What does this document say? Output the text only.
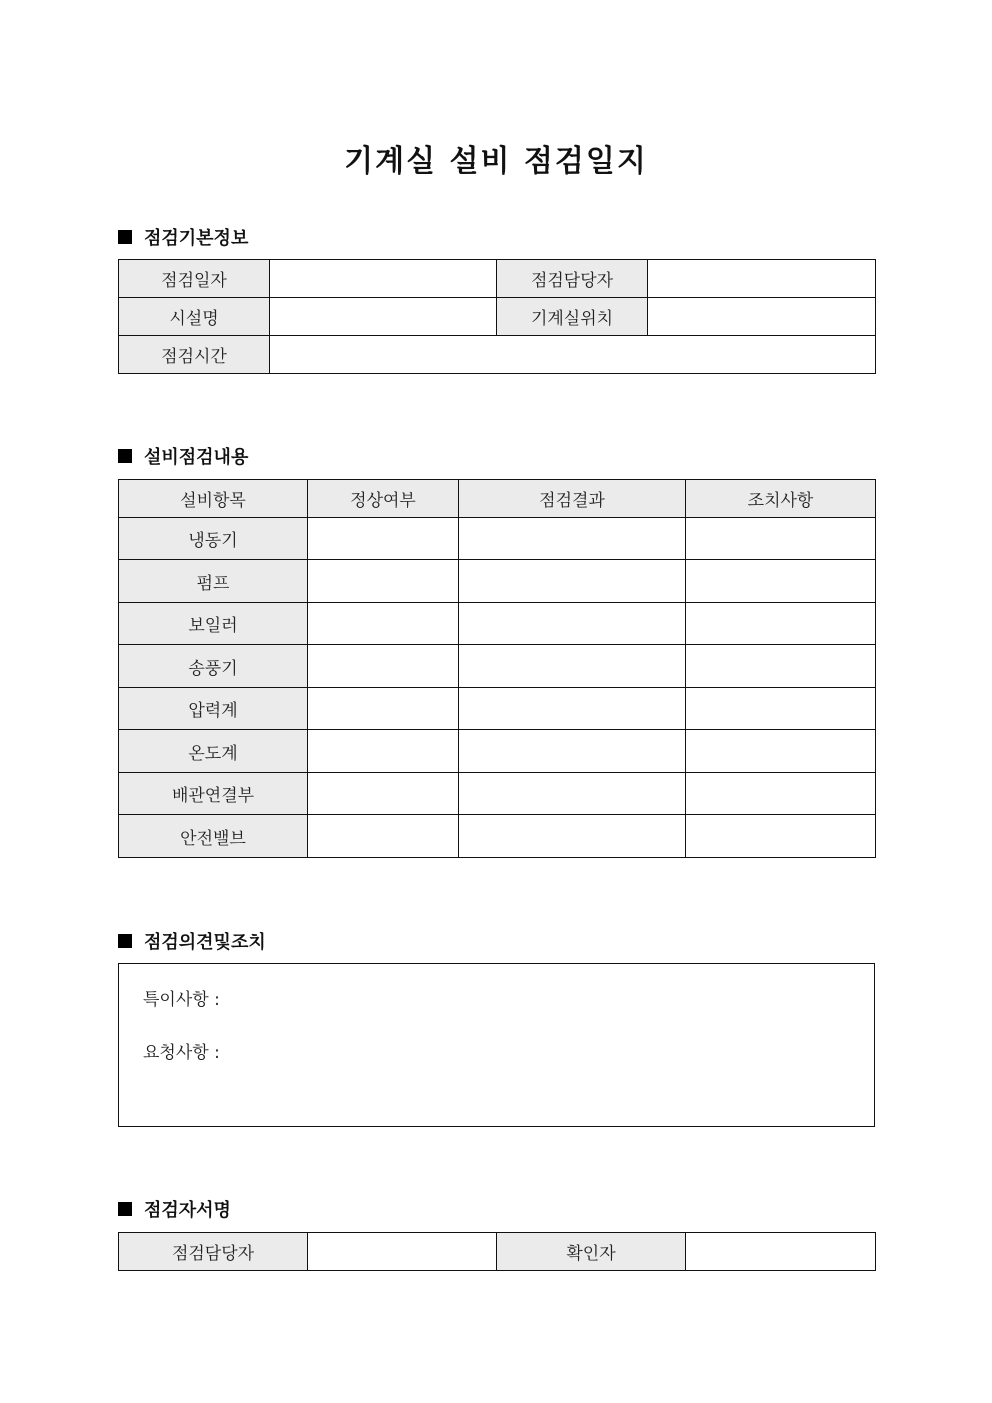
기계실 설비 점검일지
점검기본정보
점검일자		점검담당자	
시설명		기계실위치	
점검시간			
설비점검내용
설비항목	정상여부	점검결과	조치사항
냉동기			
펌프			
보일러			
송풍기			
압력계			
온도계			
배관연결부			
안전밸브			
점검의견및조치
특이사항 :
요청사항 :
점검자서명
점검담당자		확인자	
